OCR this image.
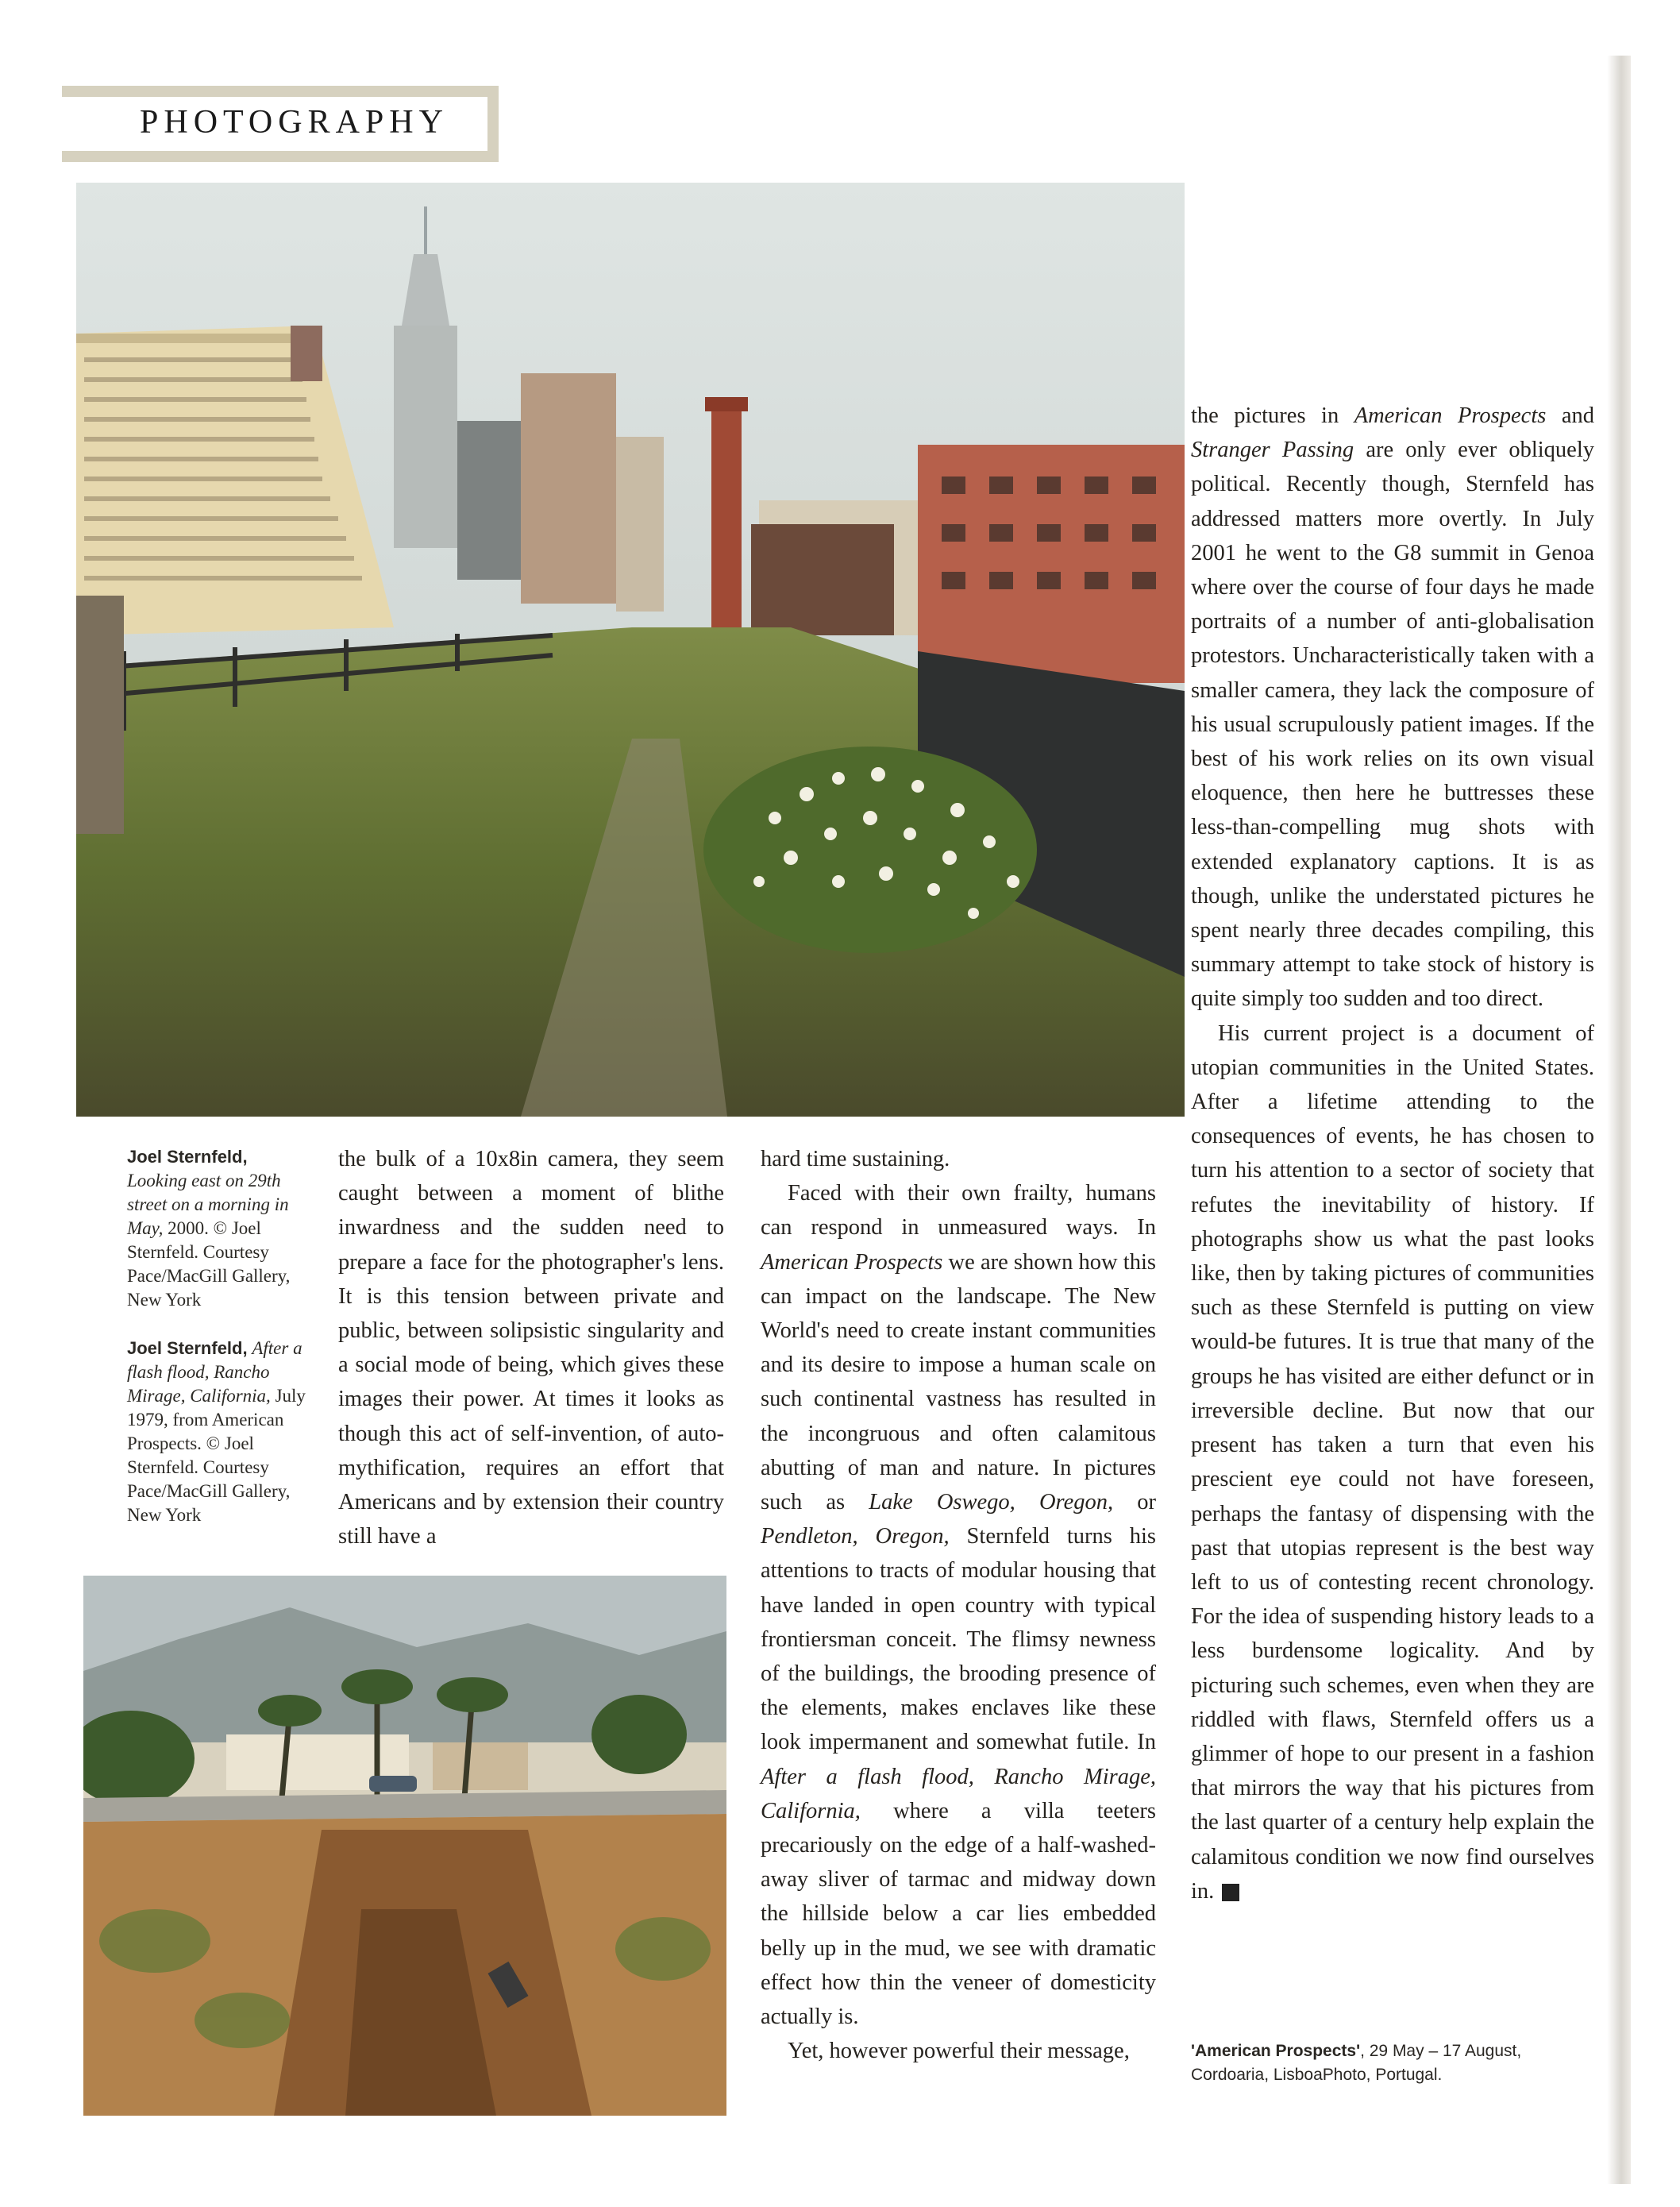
PHOTOGRAPHY
Joel Sternfeld,
Looking east on 29th street on a morning in May, 2000. © Joel Sternfeld. Courtesy Pace/MacGill Gallery, New York
Joel Sternfeld, After a flash flood, Rancho Mirage, California, July 1979, from American Prospects. © Joel Sternfeld. Courtesy Pace/MacGill Gallery, New York

the bulk of a 10x8in camera, they seem caught between a moment of blithe inwardness and the sudden need to prepare a face for the photographer's lens. It is this tension between private and public, between solipsistic singularity and a social mode of being, which gives these images their power. At times it looks as though this act of self-invention, of auto-mythification, requires an effort that Americans and by extension their country still have a

hard time sustaining.

Faced with their own frailty, humans can respond in unmeasured ways. In American Prospects we are shown how this can impact on the landscape. The New World's need to create instant communities and its desire to impose a human scale on such continental vastness has resulted in the incongruous and often calamitous abutting of man and nature. In pictures such as Lake Oswego, Oregon, or Pendleton, Oregon, Sternfeld turns his attentions to tracts of modular housing that have landed in open country with typical frontiersman conceit. The flimsy newness of the buildings, the brooding presence of the elements, makes enclaves like these look impermanent and somewhat futile. In After a flash flood, Rancho Mirage, California, where a villa teeters precariously on the edge of a half-washed-away sliver of tarmac and midway down the hillside below a car lies embedded belly up in the mud, we see with dramatic effect how thin the veneer of domesticity actually is.

Yet, however powerful their message,

the pictures in American Prospects and Stranger Passing are only ever obliquely political. Recently though, Sternfeld has addressed matters more overtly. In July 2001 he went to the G8 summit in Genoa where over the course of four days he made portraits of a number of anti-globalisation protestors. Uncharacteristically taken with a smaller camera, they lack the composure of his usual scrupulously patient images. If the best of his work relies on its own visual eloquence, then here he buttresses these less-than-compelling mug shots with extended explanatory captions. It is as though, unlike the understated pictures he spent nearly three decades compiling, this summary attempt to take stock of history is quite simply too sudden and too direct.

His current project is a document of utopian communities in the United States. After a lifetime attending to the consequences of events, he has chosen to turn his attention to a sector of society that refutes the inevitability of history. If photographs show us what the past looks like, then by taking pictures of communities such as these Sternfeld is putting on view would-be futures. It is true that many of the groups he has visited are either defunct or in irreversible decline. But now that our present has taken a turn that even his prescient eye could not have foreseen, perhaps the fantasy of dispensing with the past that utopias represent is the best way left to us of contesting recent chronology. For the idea of suspending history leads to a less burdensome logicality. And by picturing such schemes, even when they are riddled with flaws, Sternfeld offers us a glimmer of hope to our present in a fashion that mirrors the way that his pictures from the last quarter of a century help explain the calamitous condition we now find ourselves in.	MP

'American Prospects', 29 May – 17 August, Cordoaria, LisboaPhoto, Portugal.
